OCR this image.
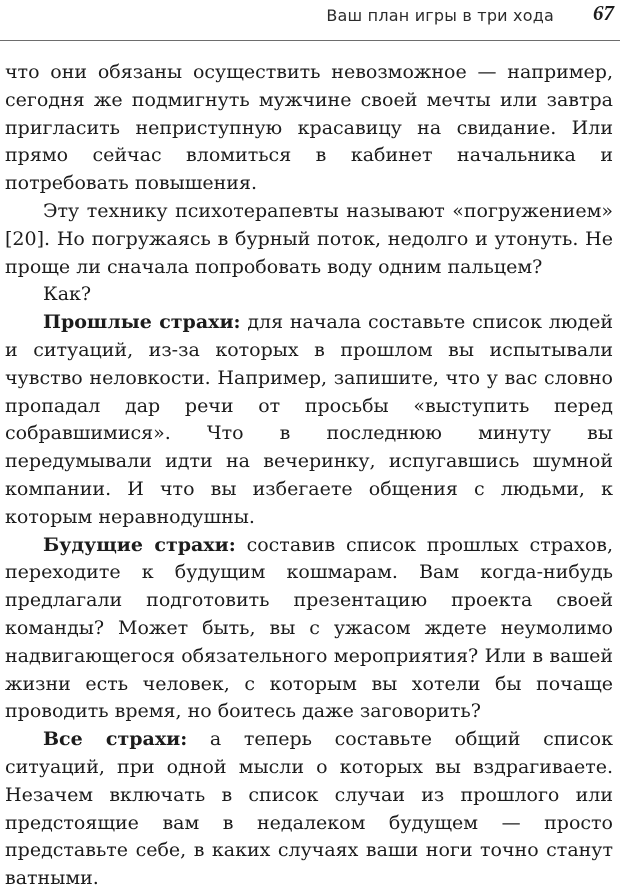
Ваш план игры в три хода 67

что они обязаны осуществить невозможное — например, сегодня же подмигнуть мужчине своей мечты или завтра пригласить неприступную красавицу на свидание. Или прямо сейчас вломиться в кабинет начальника и потребовать повышения.

Эту технику психотерапевты называют «погружением» [20]. Но погружаясь в бурный поток, недолго и утонуть. Не проще ли сначала попробовать воду одним пальцем?

Как?

Прошлые страхи: для начала составьте список людей и ситуаций, из-за которых в прошлом вы испытывали чувство неловкости. Например, запишите, что у вас словно пропадал дар речи от просьбы «выступить перед собравшимися». Что в последнюю минуту вы передумывали идти на вечеринку, испугавшись шумной компании. И что вы избегаете общения с людьми, к которым неравнодушны.

Будущие страхи: составив список прошлых страхов, переходите к будущим кошмарам. Вам когда-нибудь предлагали подготовить презентацию проекта своей команды? Может быть, вы с ужасом ждете неумолимо надвигающегося обязательного мероприятия? Или в вашей жизни есть человек, с которым вы хотели бы почаще проводить время, но боитесь даже заговорить?

Все страхи: а теперь составьте общий список ситуаций, при одной мысли о которых вы вздрагиваете. Незачем включать в список случаи из прошлого или предстоящие вам в недалеком будущем — просто представьте себе, в каких случаях ваши ноги точно станут ватными.
